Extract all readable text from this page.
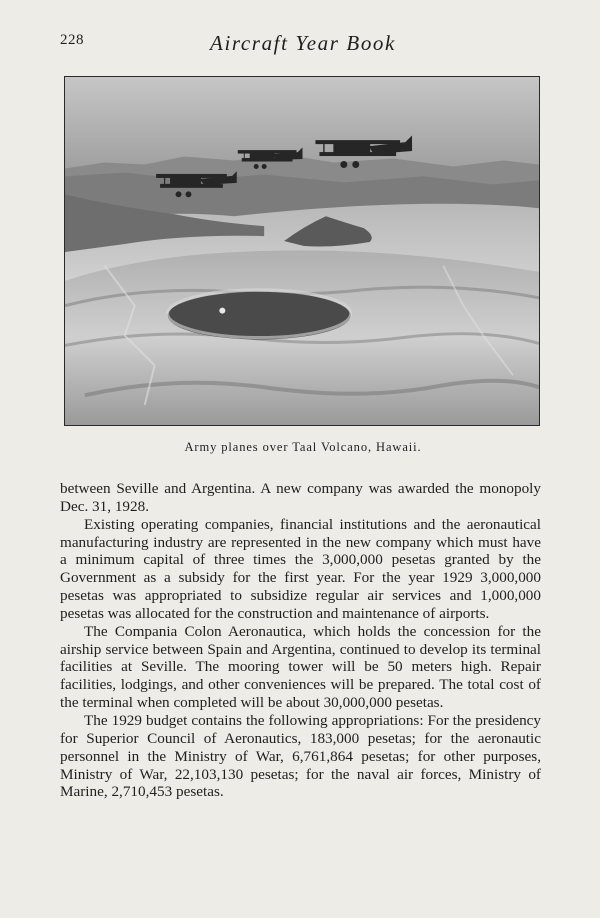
228	Aircraft Year Book
Army planes over Taal Volcano, Hawaii.

between Seville and Argentina. A new company was awarded the monopoly Dec. 31, 1928.

Existing operating companies, financial institutions and the aeronautical manufacturing industry are represented in the new company which must have a minimum capital of three times the 3,000,000 pesetas granted by the Government as a subsidy for the first year. For the year 1929 3,000,000 pesetas was appropriated to subsidize regular air services and 1,000,000 pesetas was allocated for the construction and maintenance of airports.

The Compania Colon Aeronautica, which holds the concession for the airship service between Spain and Argentina, continued to develop its terminal facilities at Seville. The mooring tower will be 50 meters high. Repair facilities, lodgings, and other conveniences will be prepared. The total cost of the terminal when completed will be about 30,000,000 pesetas.

The 1929 budget contains the following appropriations: For the presidency for Superior Council of Aeronautics, 183,000 pesetas; for the aeronautic personnel in the Ministry of War, 6,761,864 pesetas; for other purposes, Ministry of War, 22,103,130 pesetas; for the naval air forces, Ministry of Marine, 2,710,453 pesetas.
